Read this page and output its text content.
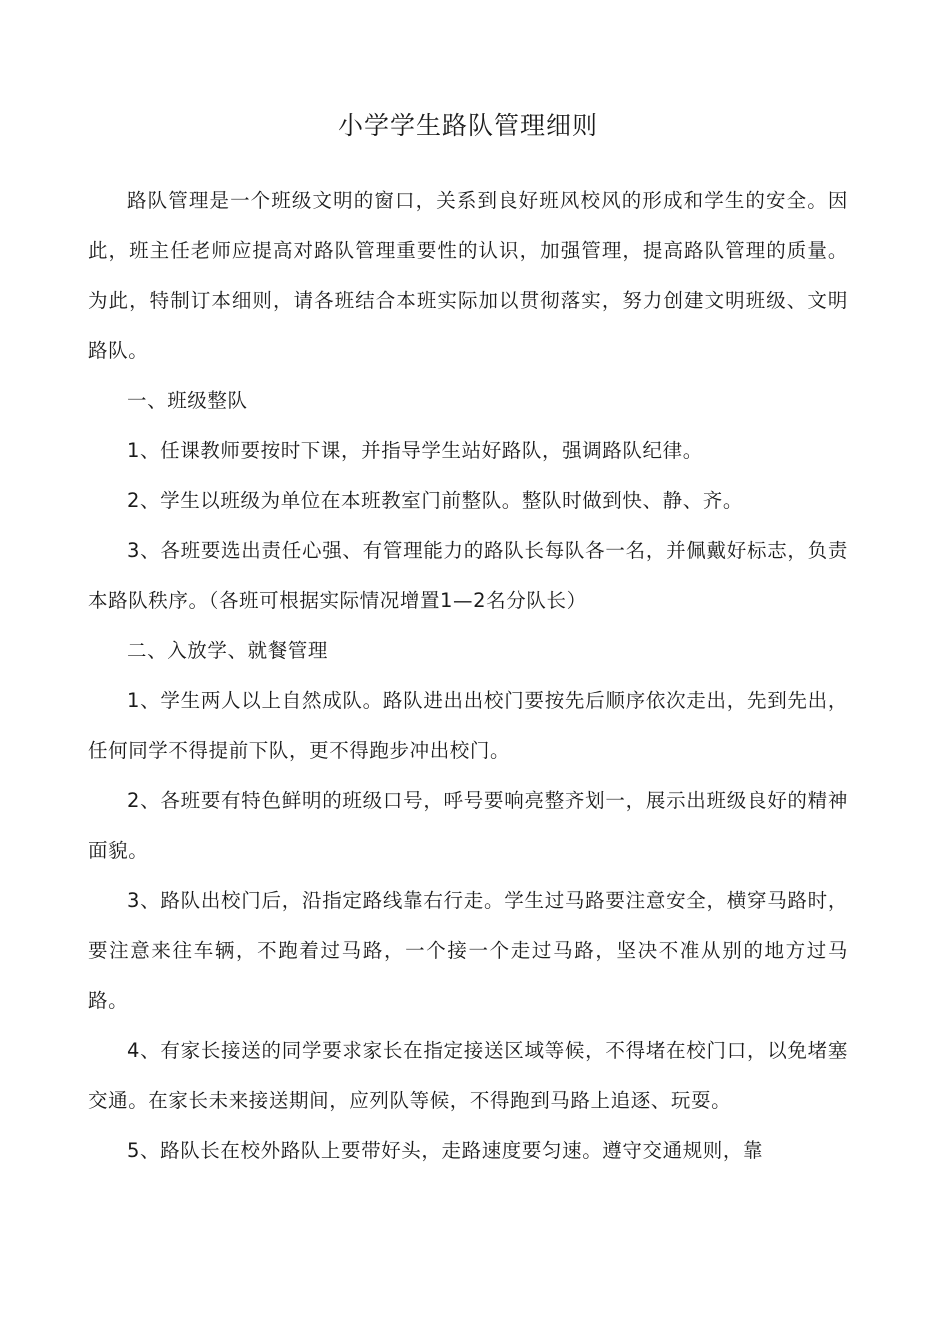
小学学生路队管理细则

路队管理是一个班级文明的窗口，关系到良好班风校风的形成和学生的安全。因此，班主任老师应提高对路队管理重要性的认识，加强管理，提高路队管理的质量。为此，特制订本细则，请各班结合本班实际加以贯彻落实，努力创建文明班级、文明路队。

一、班级整队

1、任课教师要按时下课，并指导学生站好路队，强调路队纪律。

2、学生以班级为单位在本班教室门前整队。整队时做到快、静、齐。

3、各班要选出责任心强、有管理能力的路队长每队各一名，并佩戴好标志，负责本路队秩序。（各班可根据实际情况增置1—2名分队长）

二、入放学、就餐管理

1、学生两人以上自然成队。路队进出出校门要按先后顺序依次走出，先到先出，任何同学不得提前下队，更不得跑步冲出校门。

2、各班要有特色鲜明的班级口号，呼号要响亮整齐划一，展示出班级良好的精神面貌。

3、路队出校门后，沿指定路线靠右行走。学生过马路要注意安全，横穿马路时，要注意来往车辆，不跑着过马路，一个接一个走过马路，坚决不准从别的地方过马路。

4、有家长接送的同学要求家长在指定接送区域等候，不得堵在校门口，以免堵塞交通。在家长未来接送期间，应列队等候，不得跑到马路上追逐、玩耍。

5、路队长在校外路队上要带好头，走路速度要匀速。遵守交通规则，靠
